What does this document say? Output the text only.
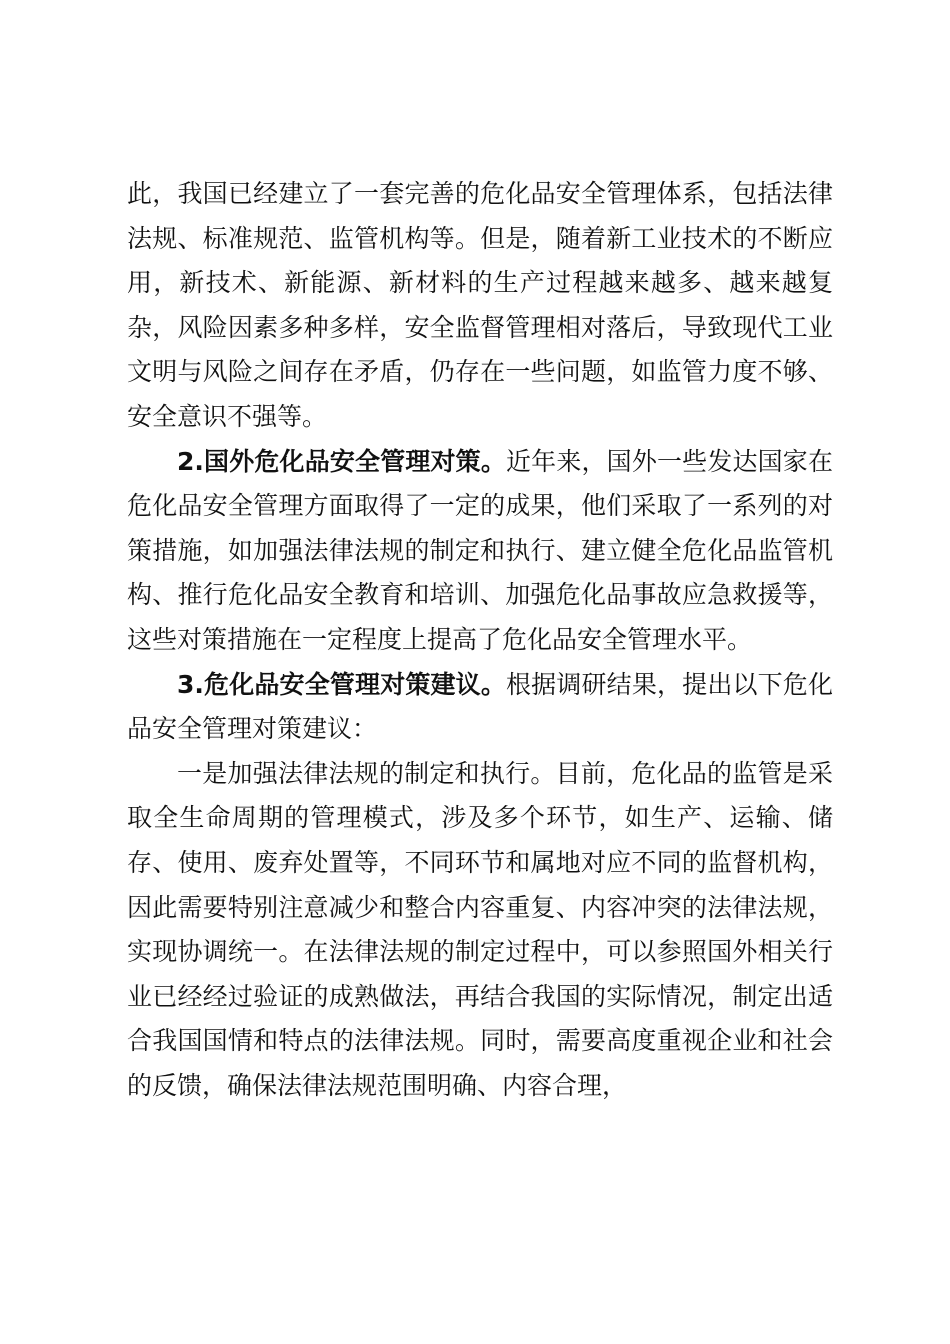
此，我国已经建立了一套完善的危化品安全管理体系，包括法律法规、标准规范、监管机构等。但是，随着新工业技术的不断应用，新技术、新能源、新材料的生产过程越来越多、越来越复杂，风险因素多种多样，安全监督管理相对落后，导致现代工业文明与风险之间存在矛盾，仍存在一些问题，如监管力度不够、安全意识不强等。

2.国外危化品安全管理对策。近年来，国外一些发达国家在危化品安全管理方面取得了一定的成果，他们采取了一系列的对策措施，如加强法律法规的制定和执行、建立健全危化品监管机构、推行危化品安全教育和培训、加强危化品事故应急救援等，这些对策措施在一定程度上提高了危化品安全管理水平。

3.危化品安全管理对策建议。根据调研结果，提出以下危化品安全管理对策建议：

一是加强法律法规的制定和执行。目前，危化品的监管是采取全生命周期的管理模式，涉及多个环节，如生产、运输、储存、使用、废弃处置等，不同环节和属地对应不同的监督机构，因此需要特别注意减少和整合内容重复、内容冲突的法律法规，实现协调统一。在法律法规的制定过程中，可以参照国外相关行业已经经过验证的成熟做法，再结合我国的实际情况，制定出适合我国国情和特点的法律法规。同时，需要高度重视企业和社会的反馈，确保法律法规范围明确、内容合理，
